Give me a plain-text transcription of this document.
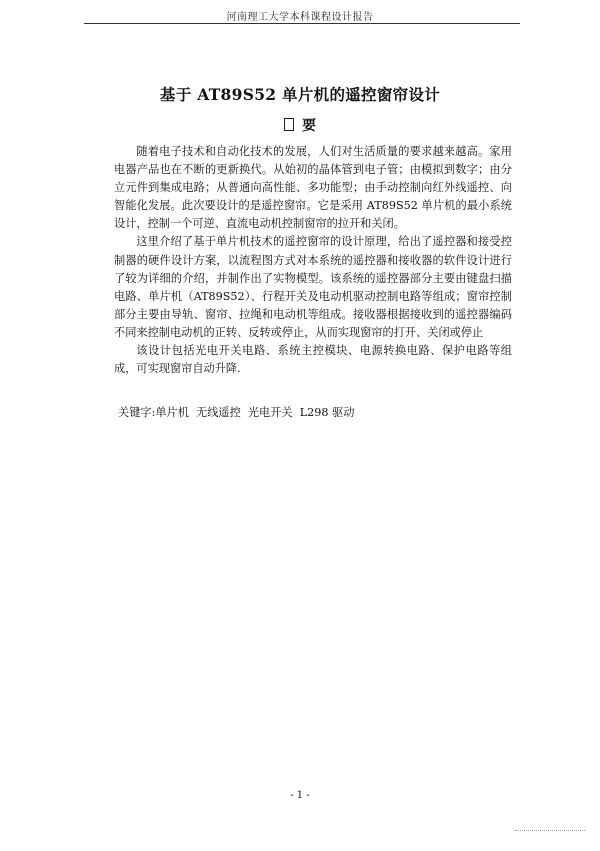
河南理工大学本科课程设计报告
基于 AT89S52 单片机的遥控窗帘设计
要

随着电子技术和自动化技术的发展，人们对生活质量的要求越来越高。家用电器产品也在不断的更新换代。从始初的晶体管到电子管；由模拟到数字；由分立元件到集成电路；从普通向高性能、多功能型；由手动控制向红外线遥控、向智能化发展。此次要设计的是遥控窗帘。它是采用 AT89S52 单片机的最小系统设计，控制一个可逆、直流电动机控制窗帘的拉开和关闭。

这里介绍了基于单片机技术的遥控窗帘的设计原理，给出了遥控器和接受控制器的硬件设计方案，以流程图方式对本系统的遥控器和接收器的软件设计进行了较为详细的介绍，并制作出了实物模型。该系统的遥控器部分主要由键盘扫描电路、单片机（AT89S52）、行程开关及电动机驱动控制电路等组成；窗帘控制部分主要由导轨、窗帘、拉绳和电动机等组成。接收器根据接收到的遥控器编码不同来控制电动机的正转、反转或停止，从而实现窗帘的打开、关闭或停止

该设计包括光电开关电路、系统主控模块、电源转换电路、保护电路等组成，可实现窗帘自动升降.

关键字:单片机  无线遥控  光电开关  L298 驱动
- 1 -
